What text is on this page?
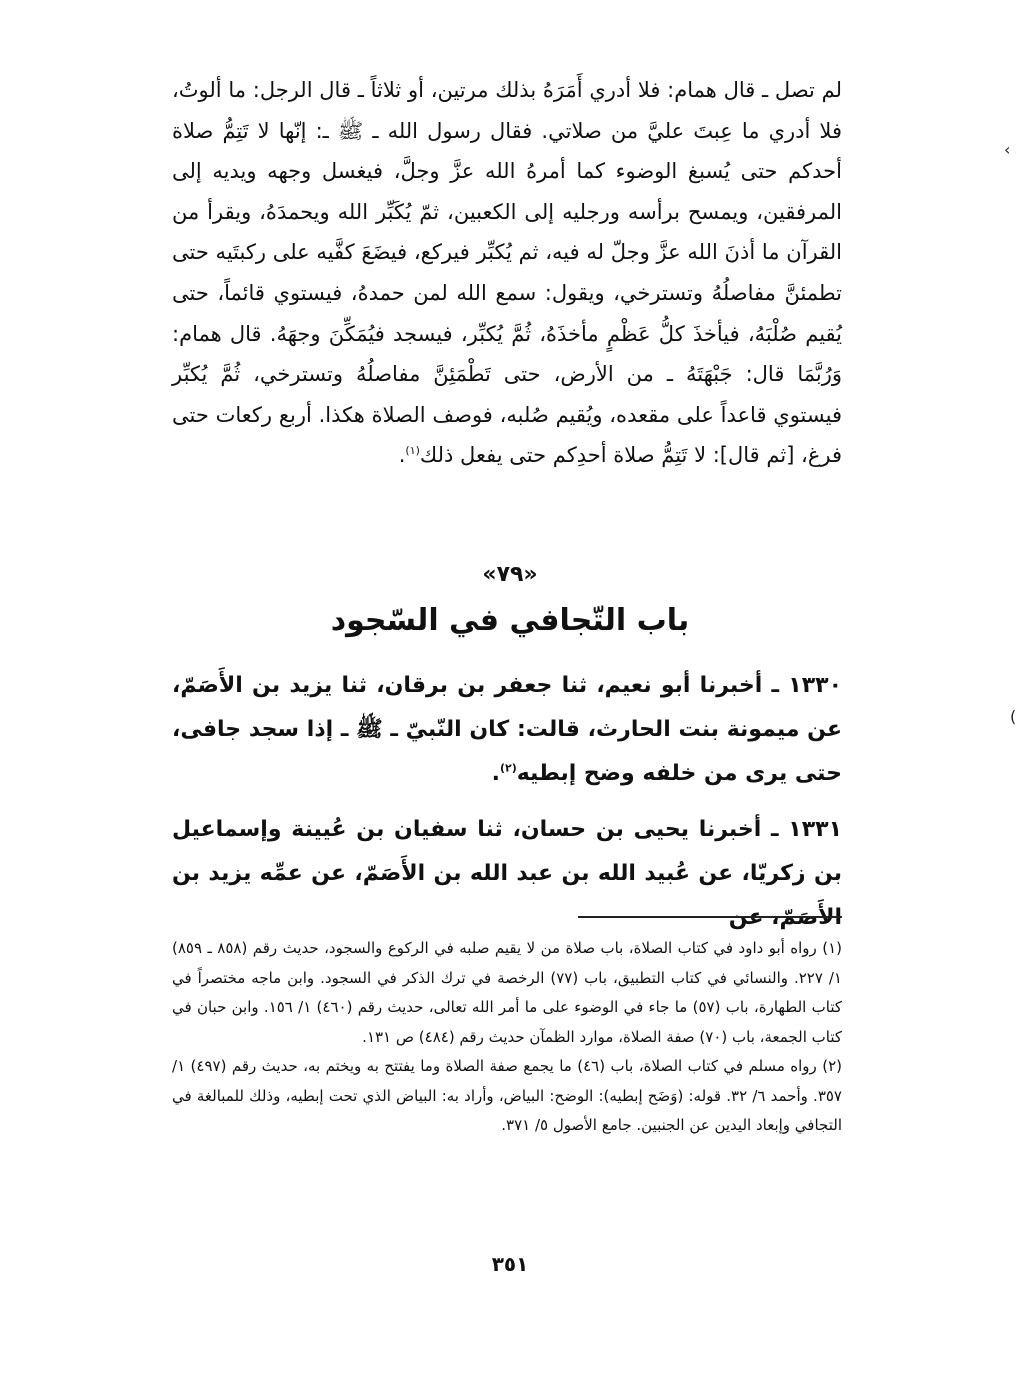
لم تصل ـ قال همام: فلا أدري أَمَرَهُ بذلك مرتين، أو ثلاثاً ـ قال الرجل: ما ألوتُ، فلا أدري ما عِبتَ عليَّ من صلاتي. فقال رسول الله ـ ﷺ ـ: إنّها لا تَتِمُّ صلاة أحدكم حتى يُسبغ الوضوء كما أمرهُ الله عزَّ وجلَّ، فيغسل وجهه ويديه إلى المرفقين، ويمسح برأسه ورجليه إلى الكعبين، ثمّ يُكَبِّر الله ويحمدَهُ، ويقرأ من القرآن ما أذنَ الله عزَّ وجلّ له فيه، ثم يُكبِّر فيركع، فيضَعَ كفَّيه على ركبتَيه حتى تطمئنَّ مفاصلُهُ وتسترخي، ويقول: سمع الله لمن حمدهُ، فيستوي قائماً، حتى يُقيم صُلْبَهُ، فيأخذَ كلُّ عَظْمٍ مأخذَهُ، ثُمَّ يُكبِّر، فيسجد فيُمَكِّنَ وجهَهُ. قال همام: وَرُبَّمَا قال: جَبْهَتَهُ ـ من الأرض، حتى تَطْمَئِنَّ مفاصلُهُ وتسترخي، ثُمَّ يُكبِّر فيستوي قاعداً على مقعده، ويُقيم صُلبه، فوصف الصلاة هكذا. أربع ركعات حتى فرغ، [ثم قال]: لا تَتِمُّ صلاة أحدِكم حتى يفعل ذلك$^{(١)}$.

«٧٩»
باب التّجافي في السّجود

١٣٣٠ ـ أخبرنا أبو نعيم، ثنا جعفر بن برقان، ثنا يزيد بن الأَصَمّ، عن ميمونة بنت الحارث، قالت: كان النّبيّ ـ ﷺ ـ إذا سجد جافى، حتى يرى من خلفه وضح إبطيه$^{(٢)}$.

١٣٣١ ـ أخبرنا يحيى بن حسان، ثنا سفيان بن عُيينة وإسماعيل بن زكريّا، عن عُبيد الله بن عبد الله بن الأَصَمّ، عن عمِّه يزيد بن الأَصَمّ، عن

(١) رواه أبو داود في كتاب الصلاة، باب صلاة من لا يقيم صلبه في الركوع والسجود، حديث رقم (٨٥٨ ـ ٨٥٩) ١/ ٢٢٧. والنسائي في كتاب التطبيق، باب (٧٧) الرخصة في ترك الذكر في السجود. وابن ماجه مختصراً في كتاب الطهارة، باب (٥٧) ما جاء في الوضوء على ما أمر الله تعالى، حديث رقم (٤٦٠) ١/ ١٥٦. وابن حبان في كتاب الجمعة، باب (٧٠) صفة الصلاة، موارد الظمآن حديث رقم (٤٨٤) ص ١٣١.

(٢) رواه مسلم في كتاب الصلاة، باب (٤٦) ما يجمع صفة الصلاة وما يفتتح به ويختم به، حديث رقم (٤٩٧) ١/ ٣٥٧. وأحمد ٦/ ٣٢. قوله: (وَضَح إبطيه): الوضح: البياض، وأراد به: البياض الذي تحت إبطيه، وذلك للمبالغة في التجافي وإبعاد اليدين عن الجنبين. جامع الأصول ٥/ ٣٧١.

٣٥١
‹
(
